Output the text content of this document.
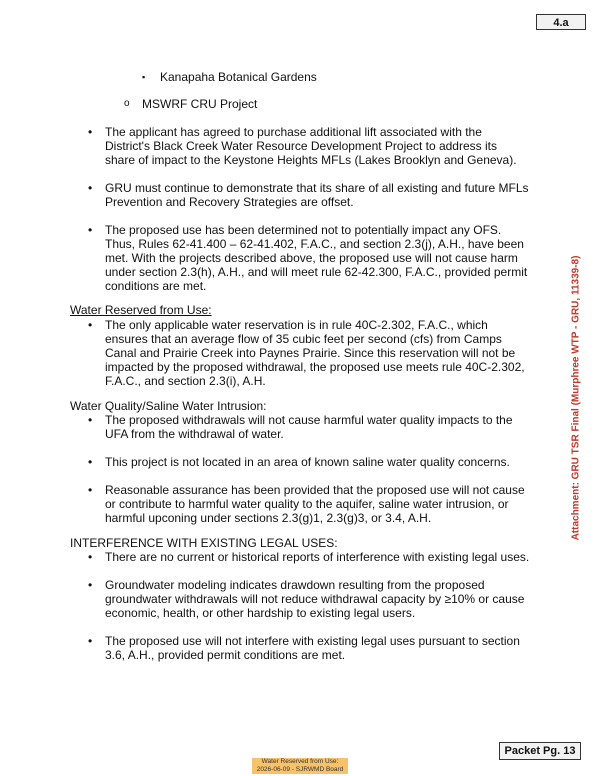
4.a
Attachment: GRU TSR Final (Murphree WTP - GRU, 11339-8)
▪ Kanapaha Botanical Gardens
o MSWRF CRU Project
• The applicant has agreed to purchase additional lift associated with the District's Black Creek Water Resource Development Project to address its share of impact to the Keystone Heights MFLs (Lakes Brooklyn and Geneva).
• GRU must continue to demonstrate that its share of all existing and future MFLs Prevention and Recovery Strategies are offset.
• The proposed use has been determined not to potentially impact any OFS. Thus, Rules 62-41.400 – 62-41.402, F.A.C., and section 2.3(j), A.H., have been met. With the projects described above, the proposed use will not cause harm under section 2.3(h), A.H., and will meet rule 62-42.300, F.A.C., provided permit conditions are met.
Water Reserved from Use:
• The only applicable water reservation is in rule 40C-2.302, F.A.C., which ensures that an average flow of 35 cubic feet per second (cfs) from Camps Canal and Prairie Creek into Paynes Prairie. Since this reservation will not be impacted by the proposed withdrawal, the proposed use meets rule 40C-2.302, F.A.C., and section 2.3(i), A.H.
Water Quality/Saline Water Intrusion:
• The proposed withdrawals will not cause harmful water quality impacts to the UFA from the withdrawal of water.
• This project is not located in an area of known saline water quality concerns.
• Reasonable assurance has been provided that the proposed use will not cause or contribute to harmful water quality to the aquifer, saline water intrusion, or harmful upconing under sections 2.3(g)1, 2.3(g)3, or 3.4, A.H.
INTERFERENCE WITH EXISTING LEGAL USES:
• There are no current or historical reports of interference with existing legal uses.
• Groundwater modeling indicates drawdown resulting from the proposed groundwater withdrawals will not reduce withdrawal capacity by ≥10% or cause economic, health, or other hardship to existing legal users.
• The proposed use will not interfere with existing legal uses pursuant to section 3.6, A.H., provided permit conditions are met.
Packet Pg. 13
Water Reserved from Use:
2026-06-09 - SJRWMD Board
